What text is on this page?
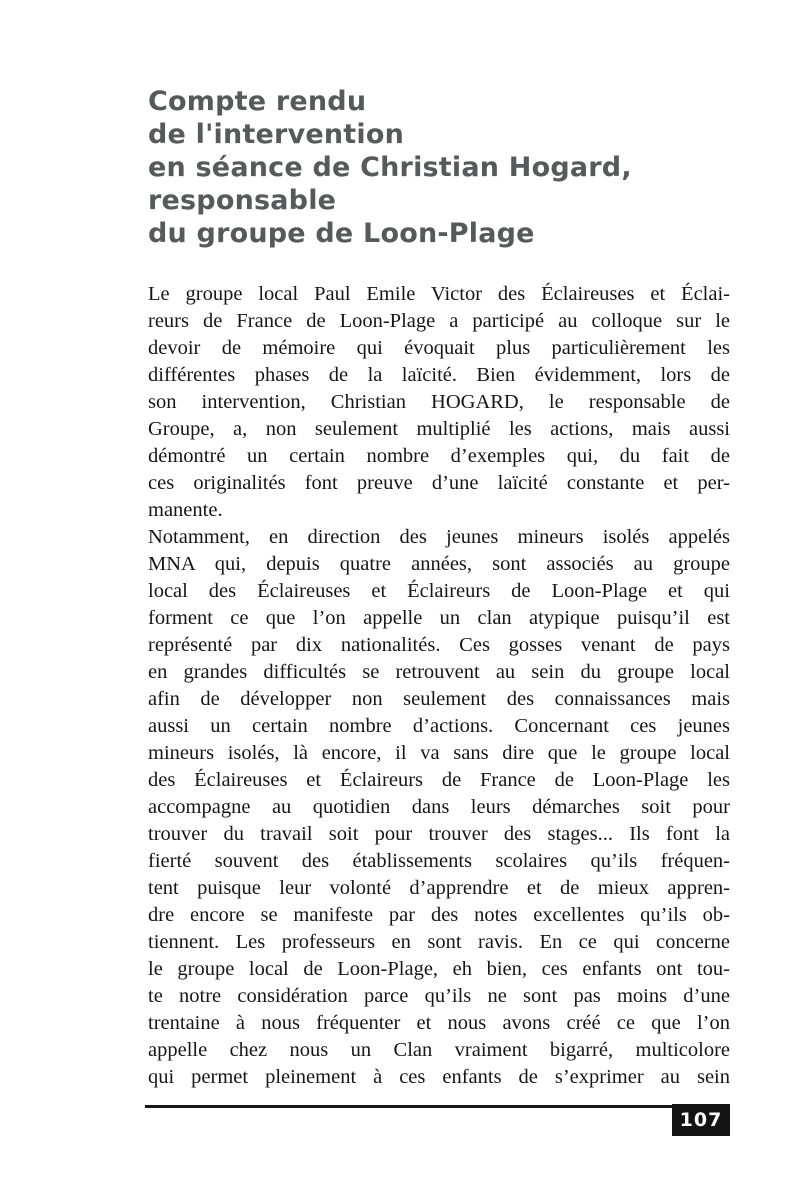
Compte rendu
de l'intervention
en séance de Christian Hogard,
responsable
du groupe de Loon-Plage
Le groupe local Paul Emile Victor des Éclaireuses et Éclai-
reurs de France de Loon-Plage a participé au colloque sur le
devoir de mémoire qui évoquait plus particulièrement les
différentes phases de la laïcité. Bien évidemment, lors de
son intervention, Christian HOGARD, le responsable de
Groupe, a, non seulement multiplié les actions, mais aussi
démontré un certain nombre d’exemples qui, du fait de
ces originalités font preuve d’une laïcité constante et per-
manente.
Notamment, en direction des jeunes mineurs isolés appelés
MNA qui, depuis quatre années, sont associés au groupe
local des Éclaireuses et Éclaireurs de Loon-Plage et qui
forment ce que l’on appelle un clan atypique puisqu’il est
représenté par dix nationalités. Ces gosses venant de pays
en grandes difficultés se retrouvent au sein du groupe local
afin de développer non seulement des connaissances mais
aussi un certain nombre d’actions. Concernant ces jeunes
mineurs isolés, là encore, il va sans dire que le groupe local
des Éclaireuses et Éclaireurs de France de Loon-Plage les
accompagne au quotidien dans leurs démarches soit pour
trouver du travail soit pour trouver des stages... Ils font la
fierté souvent des établissements scolaires qu’ils fréquen-
tent puisque leur volonté d’apprendre et de mieux appren-
dre encore se manifeste par des notes excellentes qu’ils ob-
tiennent. Les professeurs en sont ravis. En ce qui concerne
le groupe local de Loon-Plage, eh bien, ces enfants ont tou-
te notre considération parce qu’ils ne sont pas moins d’une
trentaine à nous fréquenter et nous avons créé ce que l’on
appelle chez nous un Clan vraiment bigarré, multicolore
qui permet pleinement à ces enfants de s’exprimer au sein
107
